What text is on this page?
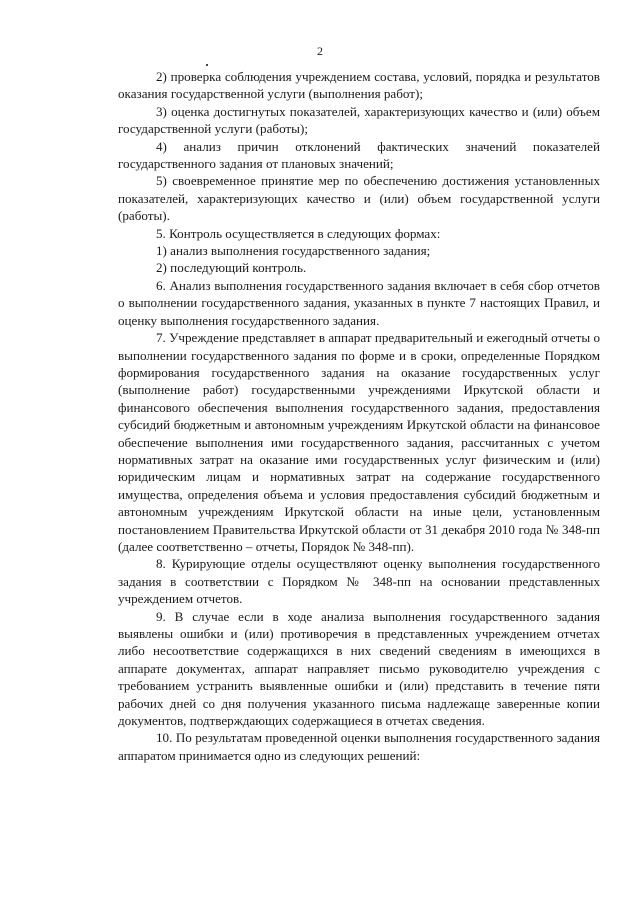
2

2) проверка соблюдения учреждением состава, условий, порядка и результатов оказания государственной услуги (выполнения работ);

3) оценка достигнутых показателей, характеризующих качество и (или) объем государственной услуги (работы);

4) анализ причин отклонений фактических значений показателей государственного задания от плановых значений;

5) своевременное принятие мер по обеспечению достижения установленных показателей, характеризующих качество и (или) объем государственной услуги (работы).

5. Контроль осуществляется в следующих формах:

1) анализ выполнения государственного задания;

2) последующий контроль.

6. Анализ выполнения государственного задания включает в себя сбор отчетов о выполнении государственного задания, указанных в пункте 7 настоящих Правил, и оценку выполнения государственного задания.

7. Учреждение представляет в аппарат предварительный и ежегодный отчеты о выполнении государственного задания по форме и в сроки, определенные Порядком формирования государственного задания на оказание государственных услуг (выполнение работ) государственными учреждениями Иркутской области и финансового обеспечения выполнения государственного задания, предоставления субсидий бюджетным и автономным учреждениям Иркутской области на финансовое обеспечение выполнения ими государственного задания, рассчитанных с учетом нормативных затрат на оказание ими государственных услуг физическим и (или) юридическим лицам и нормативных затрат на содержание государственного имущества, определения объема и условия предоставления субсидий бюджетным и автономным учреждениям Иркутской области на иные цели, установленным постановлением Правительства Иркутской области от 31 декабря 2010 года № 348-пп (далее соответственно – отчеты, Порядок № 348-пп).

8. Курирующие отделы осуществляют оценку выполнения государственного задания в соответствии с Порядком № 348-пп на основании представленных учреждением отчетов.

9. В случае если в ходе анализа выполнения государственного задания выявлены ошибки и (или) противоречия в представленных учреждением отчетах либо несоответствие содержащихся в них сведений сведениям в имеющихся в аппарате документах, аппарат направляет письмо руководителю учреждения с требованием устранить выявленные ошибки и (или) представить в течение пяти рабочих дней со дня получения указанного письма надлежаще заверенные копии документов, подтверждающих содержащиеся в отчетах сведения.

10. По результатам проведенной оценки выполнения государственного задания аппаратом принимается одно из следующих решений:
